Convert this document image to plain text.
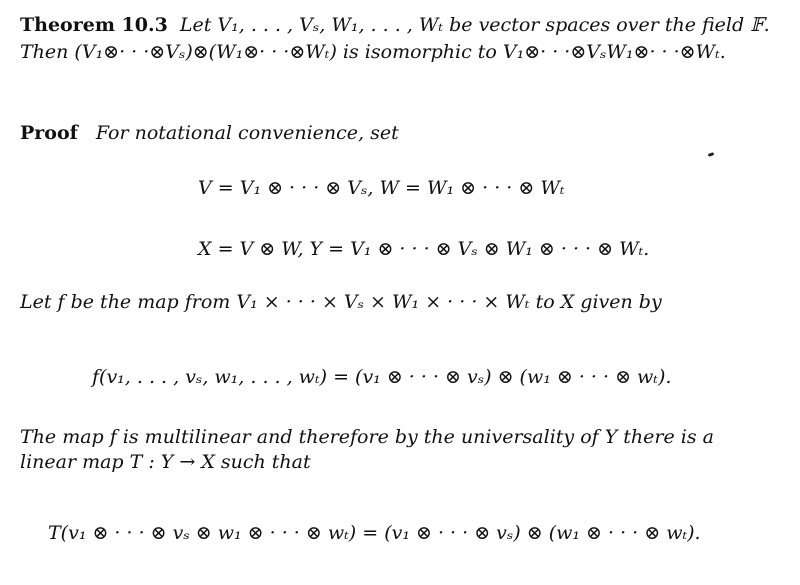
Theorem 10.3 Let V₁, . . . , Vₛ, W₁, . . . , Wₜ be vector spaces over the field 𝔽.
Then (V₁⊗· · ·⊗Vₛ)⊗(W₁⊗· · ·⊗Wₜ) is isomorphic to V₁⊗· · ·⊗VₛW₁⊗· · ·⊗Wₜ.
Proof For notational convenience, set
V = V₁ ⊗ · · · ⊗ Vₛ, W = W₁ ⊗ · · · ⊗ Wₜ
X = V ⊗ W, Y = V₁ ⊗ · · · ⊗ Vₛ ⊗ W₁ ⊗ · · · ⊗ Wₜ.
Let f be the map from V₁ × · · · × Vₛ × W₁ × · · · × Wₜ to X given by
f(v₁, . . . , vₛ, w₁, . . . , wₜ) = (v₁ ⊗ · · · ⊗ vₛ) ⊗ (w₁ ⊗ · · · ⊗ wₜ).
The map f is multilinear and therefore by the universality of Y there is a
linear map T : Y → X such that
T(v₁ ⊗ · · · ⊗ vₛ ⊗ w₁ ⊗ · · · ⊗ wₜ) = (v₁ ⊗ · · · ⊗ vₛ) ⊗ (w₁ ⊗ · · · ⊗ wₜ).
